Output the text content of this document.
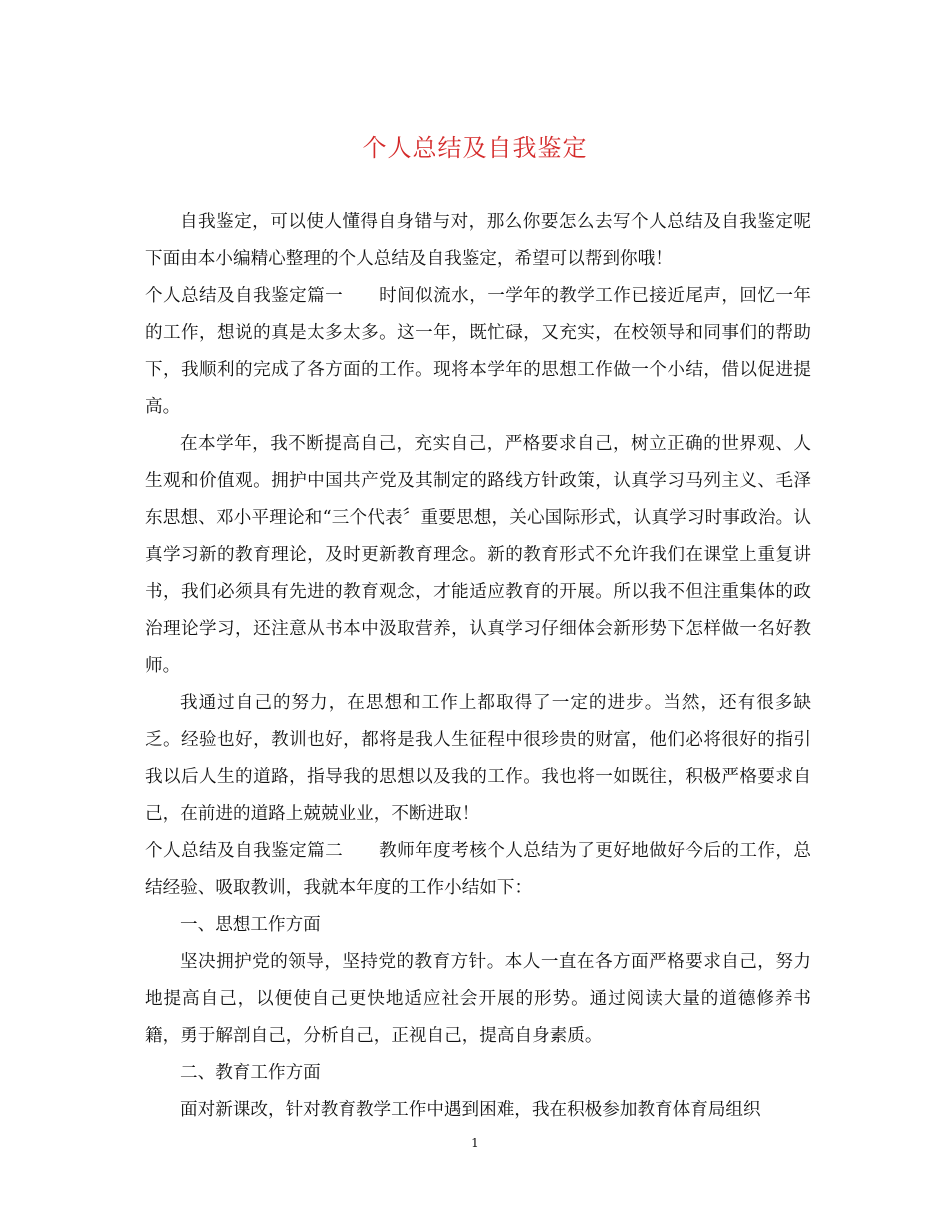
个人总结及自我鉴定

自我鉴定，可以使人懂得自身错与对，那么你要怎么去写个人总结及自我鉴定呢下面由本小编精心整理的个人总结及自我鉴定，希望可以帮到你哦！

个人总结及自我鉴定篇一　　时间似流水，一学年的教学工作已接近尾声，回忆一年的工作，想说的真是太多太多。这一年，既忙碌，又充实，在校领导和同事们的帮助下，我顺利的完成了各方面的工作。现将本学年的思想工作做一个小结，借以促进提高。

在本学年，我不断提高自己，充实自己，严格要求自己，树立正确的世界观、人生观和价值观。拥护中国共产党及其制定的路线方针政策，认真学习马列主义、毛泽东思想、邓小平理论和“三个代表〞重要思想，关心国际形式，认真学习时事政治。认真学习新的教育理论，及时更新教育理念。新的教育形式不允许我们在课堂上重复讲书，我们必须具有先进的教育观念，才能适应教育的开展。所以我不但注重集体的政治理论学习，还注意从书本中汲取营养，认真学习仔细体会新形势下怎样做一名好教师。

我通过自己的努力，在思想和工作上都取得了一定的进步。当然，还有很多缺乏。经验也好，教训也好，都将是我人生征程中很珍贵的财富，他们必将很好的指引我以后人生的道路，指导我的思想以及我的工作。我也将一如既往，积极严格要求自己，在前进的道路上兢兢业业，不断进取！

个人总结及自我鉴定篇二　　教师年度考核个人总结为了更好地做好今后的工作，总结经验、吸取教训，我就本年度的工作小结如下：

一、思想工作方面

坚决拥护党的领导，坚持党的教育方针。本人一直在各方面严格要求自己，努力地提高自己，以便使自己更快地适应社会开展的形势。通过阅读大量的道德修养书籍，勇于解剖自己，分析自己，正视自己，提高自身素质。

二、教育工作方面

面对新课改，针对教育教学工作中遇到困难，我在积极参加教育体育局组织

1
